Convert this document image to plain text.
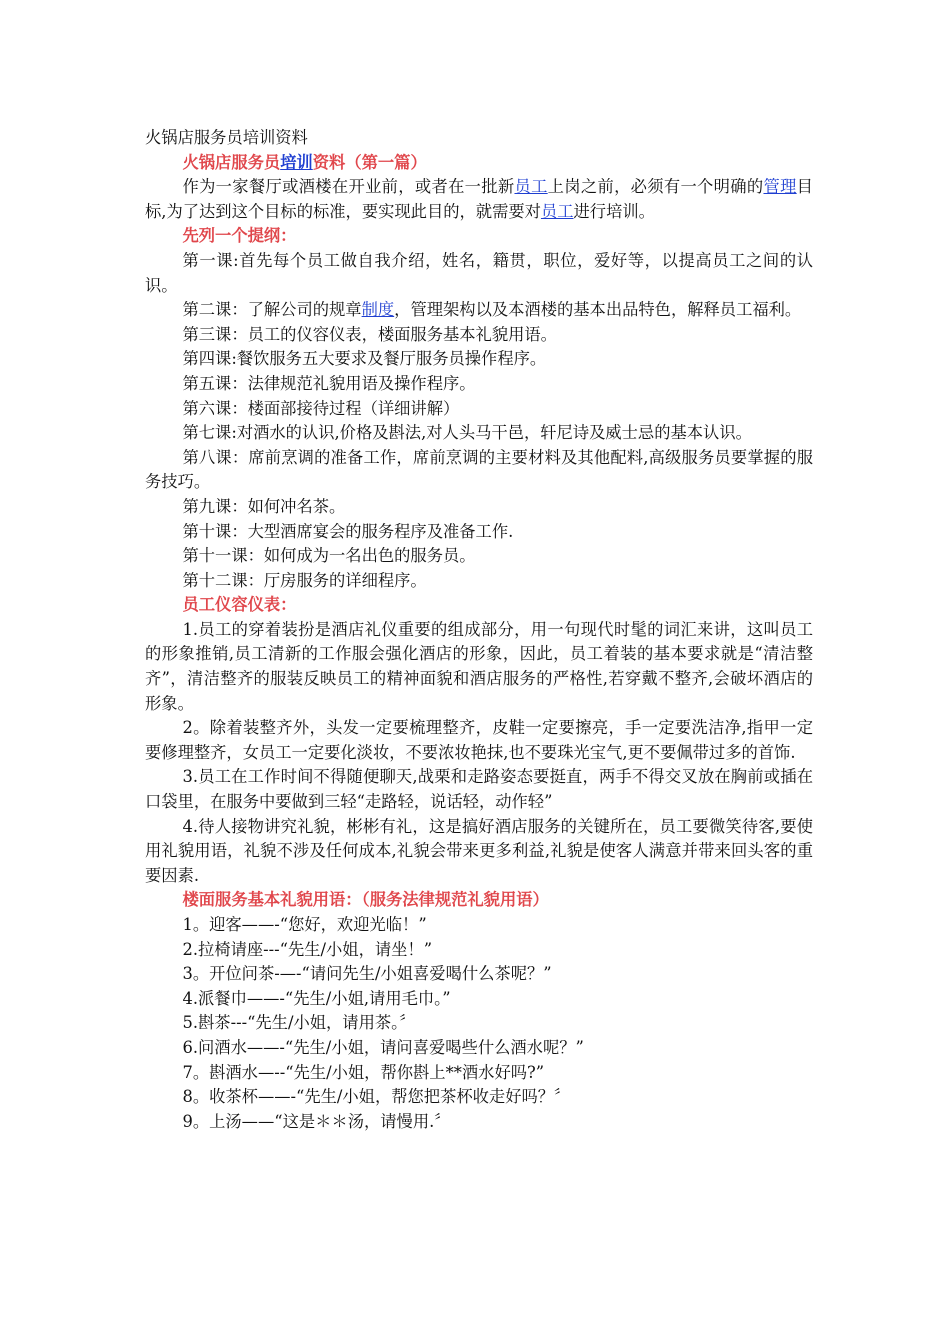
火锅店服务员培训资料

火锅店服务员培训资料（第一篇）

作为一家餐厅或酒楼在开业前，或者在一批新员工上岗之前，必须有一个明确的管理目标,为了达到这个目标的标准，要实现此目的，就需要对员工进行培训。

先列一个提纲：

第一课:首先每个员工做自我介绍，姓名，籍贯，职位，爱好等，以提高员工之间的认识。

第二课：了解公司的规章制度，管理架构以及本酒楼的基本出品特色，解释员工福利。

第三课：员工的仪容仪表，楼面服务基本礼貌用语。

第四课:餐饮服务五大要求及餐厅服务员操作程序。

第五课：法律规范礼貌用语及操作程序。

第六课：楼面部接待过程（详细讲解）

第七课:对酒水的认识,价格及斟法,对人头马干邑，轩尼诗及威士忌的基本认识。

第八课：席前烹调的准备工作，席前烹调的主要材料及其他配料,高级服务员要掌握的服务技巧。

第九课：如何冲名茶。

第十课：大型酒席宴会的服务程序及准备工作.

第十一课：如何成为一名出色的服务员。

第十二课：厅房服务的详细程序。

员工仪容仪表：

1.员工的穿着装扮是酒店礼仪重要的组成部分，用一句现代时髦的词汇来讲，这叫员工的形象推销,员工清新的工作服会强化酒店的形象，因此，员工着装的基本要求就是“清洁整齐”，清洁整齐的服装反映员工的精神面貌和酒店服务的严格性,若穿戴不整齐,会破坏酒店的形象。

2。除着装整齐外，头发一定要梳理整齐，皮鞋一定要擦亮，手一定要洗洁净,指甲一定要修理整齐，女员工一定要化淡妆，不要浓妆艳抹,也不要珠光宝气,更不要佩带过多的首饰.

3.员工在工作时间不得随便聊天,战栗和走路姿态要挺直，两手不得交叉放在胸前或插在口袋里，在服务中要做到三轻“走路轻，说话轻，动作轻”

4.待人接物讲究礼貌，彬彬有礼，这是搞好酒店服务的关键所在，员工要微笑待客,要使用礼貌用语，礼貌不涉及任何成本,礼貌会带来更多利益,礼貌是使客人满意并带来回头客的重要因素.

楼面服务基本礼貌用语：（服务法律规范礼貌用语）

1。迎客——-“您好，欢迎光临！”

2.拉椅请座---“先生/小姐，请坐！”

3。开位问茶-—-“请问先生/小姐喜爱喝什么茶呢？”

4.派餐巾——-“先生/小姐,请用毛巾。”

5.斟茶---“先生/小姐，请用茶。〞

6.问酒水——-“先生/小姐，请问喜爱喝些什么酒水呢？”

7。斟酒水—--“先生/小姐，帮你斟上**酒水好吗?”

8。收茶杯——-“先生/小姐，帮您把茶杯收走好吗？〞

9。上汤——“这是＊＊汤，请慢用.〞
